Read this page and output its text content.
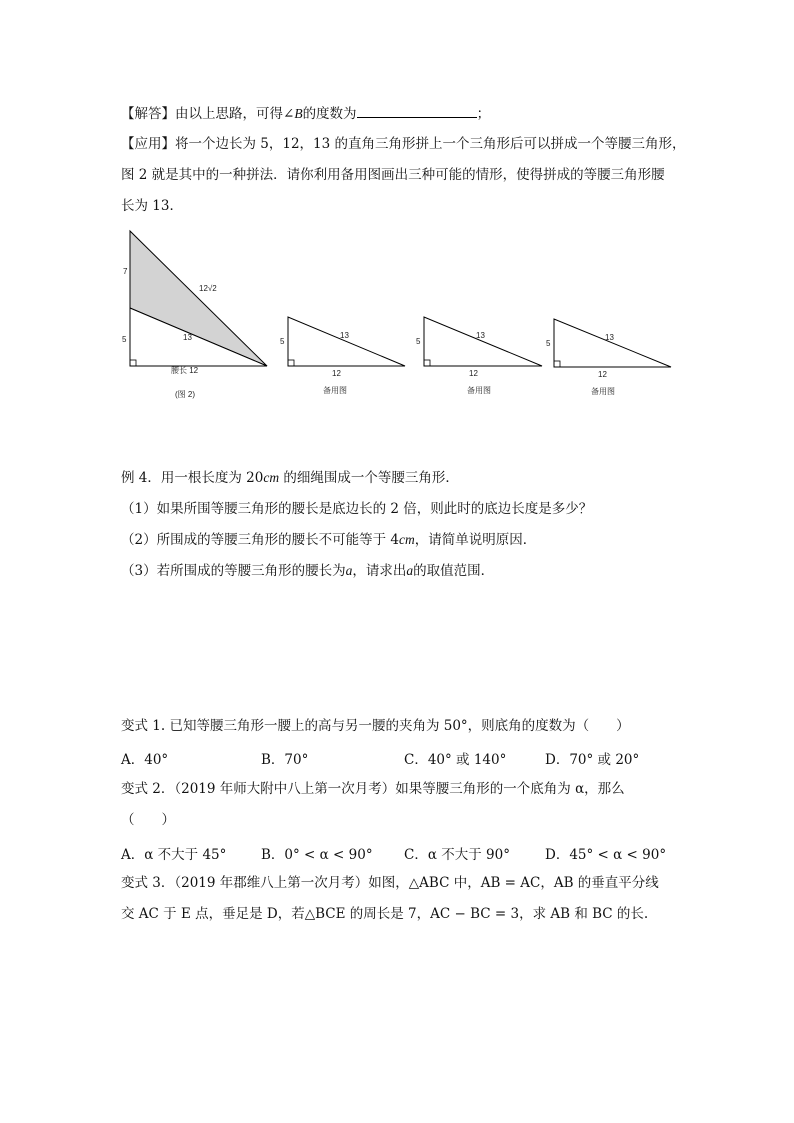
【解答】由以上思路，可得∠B的度数为	；
【应用】将一个边长为 5，12，13 的直角三角形拼上一个三角形后可以拼成一个等腰三角形，
图 2 就是其中的一种拼法．请你利用备用图画出三种可能的情形，使得拼成的等腰三角形腰
长为 13．
7
12√2
5	13
腰长 12
(图 2)
5
13
12
备用图
5
13
12
备用图
5
13
12
备用图
例 4．用一根长度为 20cm 的细绳围成一个等腰三角形．
（1）如果所围等腰三角形的腰长是底边长的 2 倍，则此时的底边长度是多少？
（2）所围成的等腰三角形的腰长不可能等于 4cm，请简单说明原因．
（3）若所围成的等腰三角形的腰长为a，请求出a的取值范围．
变式 1. 已知等腰三角形一腰上的高与另一腰的夹角为 50°，则底角的度数为（　　）
A．40°	B．70°	C．40° 或 140°	D．70° 或 20°
变式 2．（2019 年师大附中八上第一次月考）如果等腰三角形的一个底角为 α，那么
（　　）
A．α 不大于 45°	B．0° < α < 90° C．α 不大于 90°	D．45° < α < 90°
变式 3．（2019 年郡维八上第一次月考）如图，△ABC 中，AB = AC，AB 的垂直平分线
交 AC 于 E 点，垂足是 D，若△BCE 的周长是 7，AC − BC = 3，求 AB 和 BC 的长.
